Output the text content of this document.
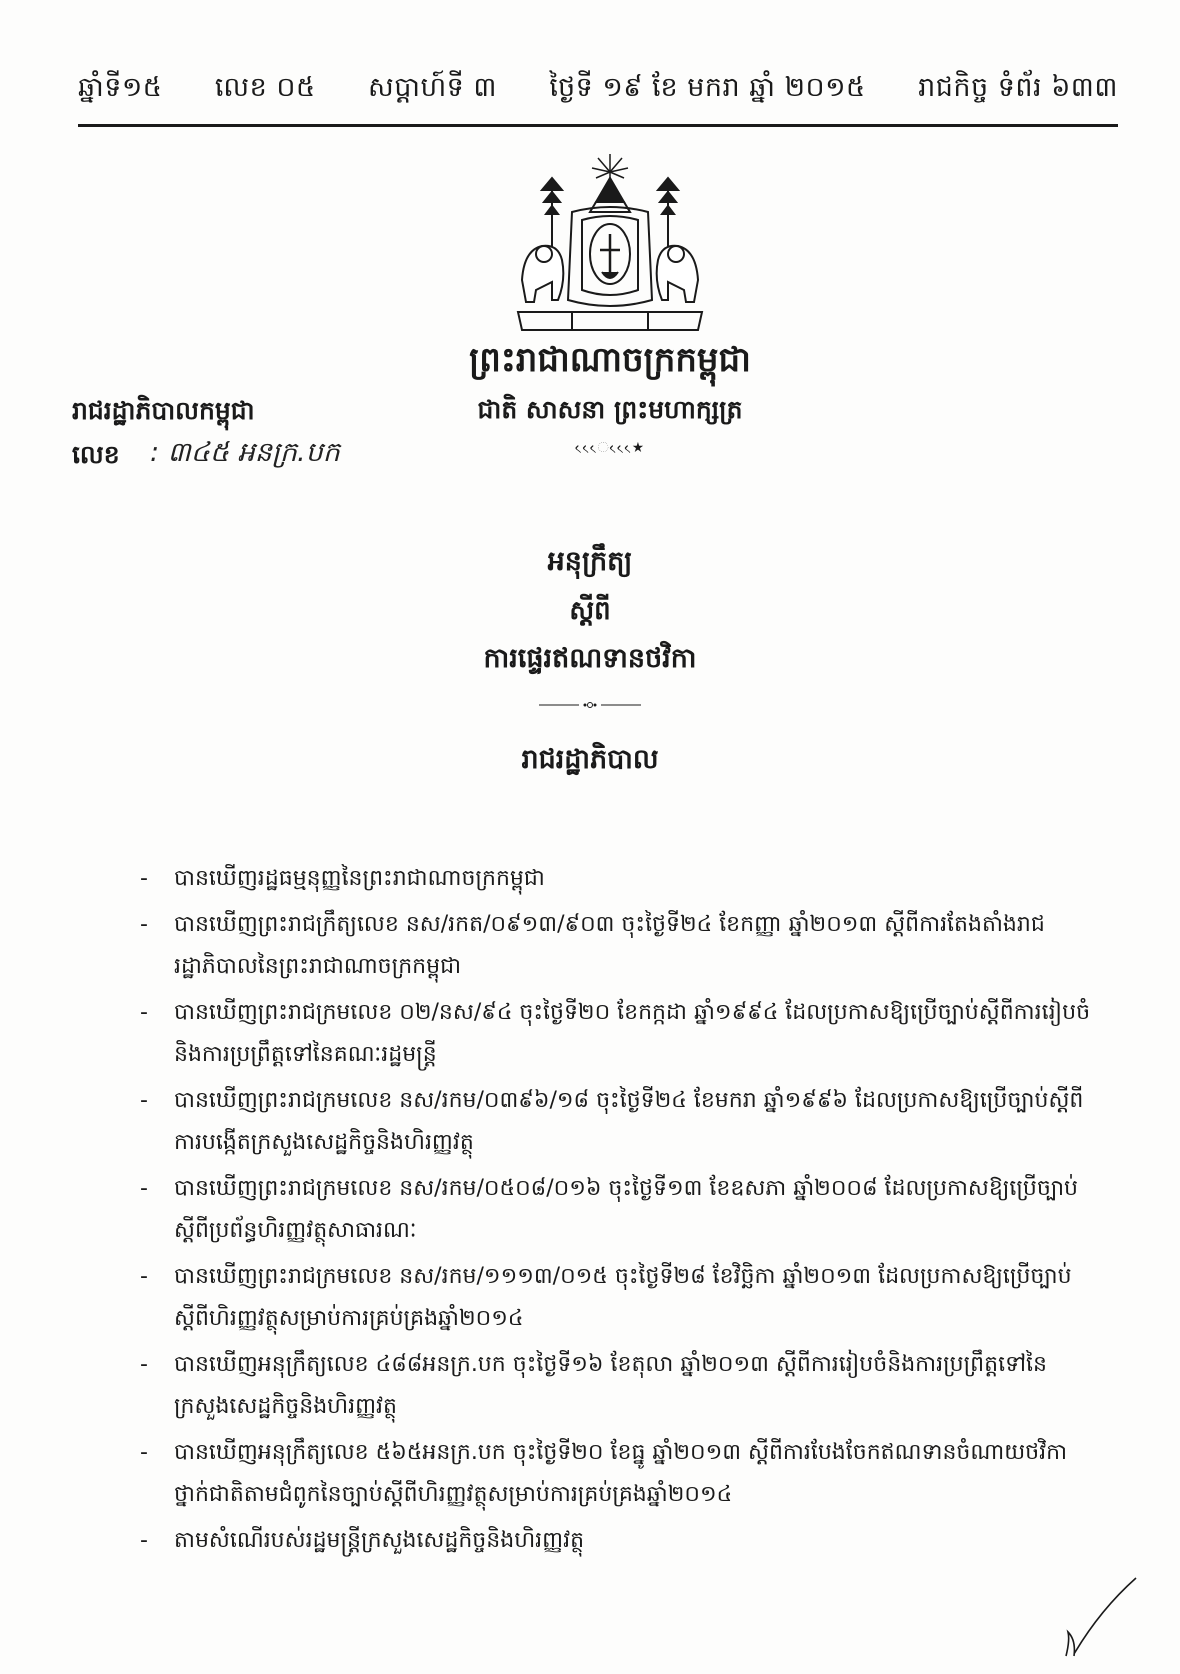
ឆ្នាំទី១៥ លេខ ០៥ សប្តាហ៍ទី ៣ ថ្ងៃទី ១៩ ខែ មករា ឆ្នាំ ២០១៥ រាជកិច្ច ទំព័រ ៦៣៣
ព្រះរាជាណាចក្រកម្ពុជា
ជាតិ សាសនា ព្រះមហាក្សត្រ
ᨙᨙᨙ★ᨙᨙᨙ
រាជរដ្ឋាភិបាលកម្ពុជា
លេខ : ៣៤៥ អនក្រ.បក
អនុក្រឹត្យ
ស្តីពី
ការផ្ទេរឥណទានថវិកា
រាជរដ្ឋាភិបាល
- បានឃើញរដ្ឋធម្មនុញ្ញនៃព្រះរាជាណាចក្រកម្ពុជា
- បានឃើញព្រះរាជក្រឹត្យលេខ នស/រកត/០៩១៣/៩០៣ ចុះថ្ងៃទី២៤ ខែកញ្ញា ឆ្នាំ២០១៣ ស្តីពីការតែងតាំងរាជរដ្ឋាភិបាលនៃព្រះរាជាណាចក្រកម្ពុជា
- បានឃើញព្រះរាជក្រមលេខ ០២/នស/៩៤ ចុះថ្ងៃទី២០ ខែកក្កដា ឆ្នាំ១៩៩៤ ដែលប្រកាសឱ្យប្រើច្បាប់ស្តីពីការរៀបចំនិងការប្រព្រឹត្តទៅនៃគណៈរដ្ឋមន្ត្រី
- បានឃើញព្រះរាជក្រមលេខ នស/រកម/០៣៩៦/១៨ ចុះថ្ងៃទី២៤ ខែមករា ឆ្នាំ១៩៩៦ ដែលប្រកាសឱ្យប្រើច្បាប់ស្តីពីការបង្កើតក្រសួងសេដ្ឋកិច្ចនិងហិរញ្ញវត្ថុ
- បានឃើញព្រះរាជក្រមលេខ នស/រកម/០៥០៨/០១៦ ចុះថ្ងៃទី១៣ ខែឧសភា ឆ្នាំ២០០៨ ដែលប្រកាសឱ្យប្រើច្បាប់ស្តីពីប្រព័ន្ធហិរញ្ញវត្ថុសាធារណៈ
- បានឃើញព្រះរាជក្រមលេខ នស/រកម/១១១៣/០១៥ ចុះថ្ងៃទី២៨ ខែវិច្ឆិកា ឆ្នាំ២០១៣ ដែលប្រកាសឱ្យប្រើច្បាប់ស្តីពីហិរញ្ញវត្ថុសម្រាប់ការគ្រប់គ្រងឆ្នាំ២០១៤
- បានឃើញអនុក្រឹត្យលេខ ៤៨៨អនក្រ.បក ចុះថ្ងៃទី១៦ ខែតុលា ឆ្នាំ២០១៣ ស្តីពីការរៀបចំនិងការប្រព្រឹត្តទៅនៃក្រសួងសេដ្ឋកិច្ចនិងហិរញ្ញវត្ថុ
- បានឃើញអនុក្រឹត្យលេខ ៥៦៥អនក្រ.បក ចុះថ្ងៃទី២០ ខែធ្នូ ឆ្នាំ២០១៣ ស្តីពីការបែងចែកឥណទានចំណាយថវិកាថ្នាក់ជាតិតាមជំពូកនៃច្បាប់ស្តីពីហិរញ្ញវត្ថុសម្រាប់ការគ្រប់គ្រងឆ្នាំ២០១៤
- តាមសំណើរបស់រដ្ឋមន្ត្រីក្រសួងសេដ្ឋកិច្ចនិងហិរញ្ញវត្ថុ
